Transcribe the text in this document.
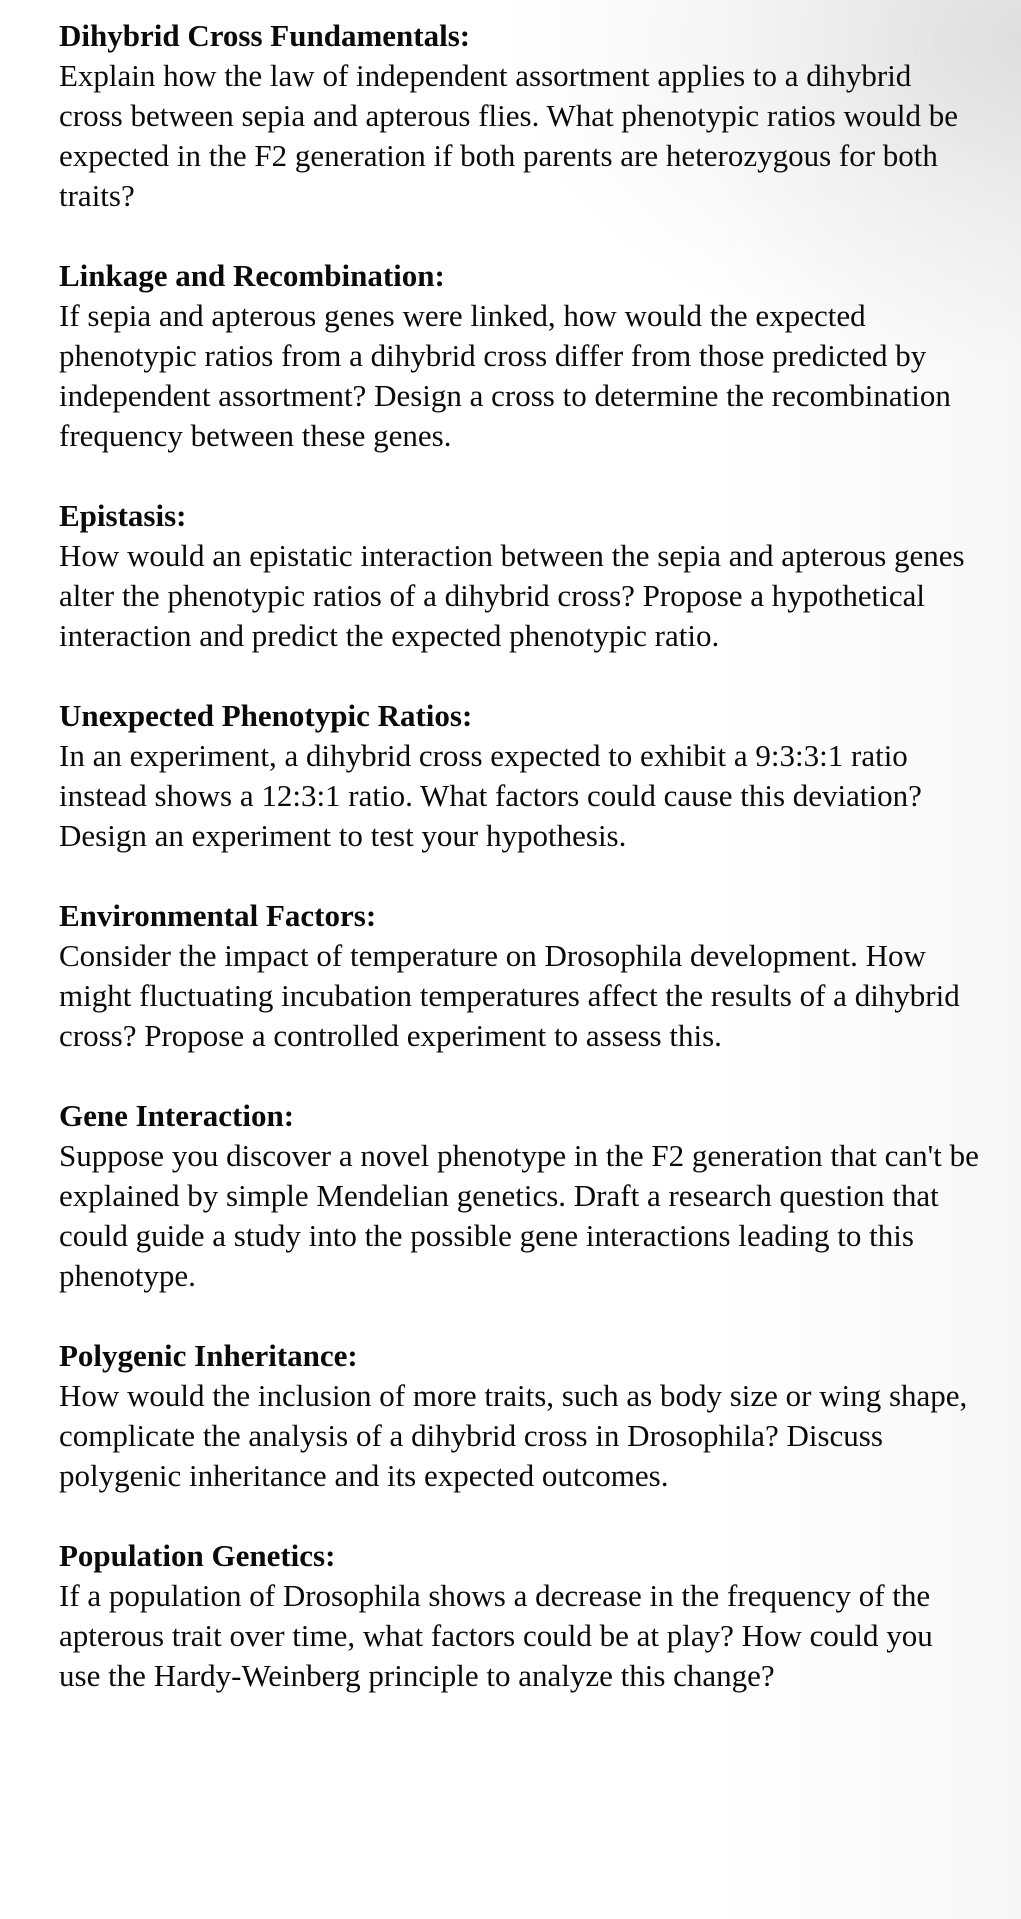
Dihybrid Cross Fundamentals:

Explain how the law of independent assortment applies to a dihybrid cross between sepia and apterous flies. What phenotypic ratios would be expected in the F2 generation if both parents are heterozygous for both traits?

Linkage and Recombination:

If sepia and apterous genes were linked, how would the expected phenotypic ratios from a dihybrid cross differ from those predicted by independent assortment? Design a cross to determine the recombination frequency between these genes.

Epistasis:

How would an epistatic interaction between the sepia and apterous genes alter the phenotypic ratios of a dihybrid cross? Propose a hypothetical interaction and predict the expected phenotypic ratio.

Unexpected Phenotypic Ratios:

In an experiment, a dihybrid cross expected to exhibit a 9:3:3:1 ratio instead shows a 12:3:1 ratio. What factors could cause this deviation? Design an experiment to test your hypothesis.

Environmental Factors:

Consider the impact of temperature on Drosophila development. How might fluctuating incubation temperatures affect the results of a dihybrid cross? Propose a controlled experiment to assess this.

Gene Interaction:

Suppose you discover a novel phenotype in the F2 generation that can't be explained by simple Mendelian genetics. Draft a research question that could guide a study into the possible gene interactions leading to this phenotype.

Polygenic Inheritance:

How would the inclusion of more traits, such as body size or wing shape, complicate the analysis of a dihybrid cross in Drosophila? Discuss polygenic inheritance and its expected outcomes.

Population Genetics:

If a population of Drosophila shows a decrease in the frequency of the apterous trait over time, what factors could be at play? How could you use the Hardy-Weinberg principle to analyze this change?
